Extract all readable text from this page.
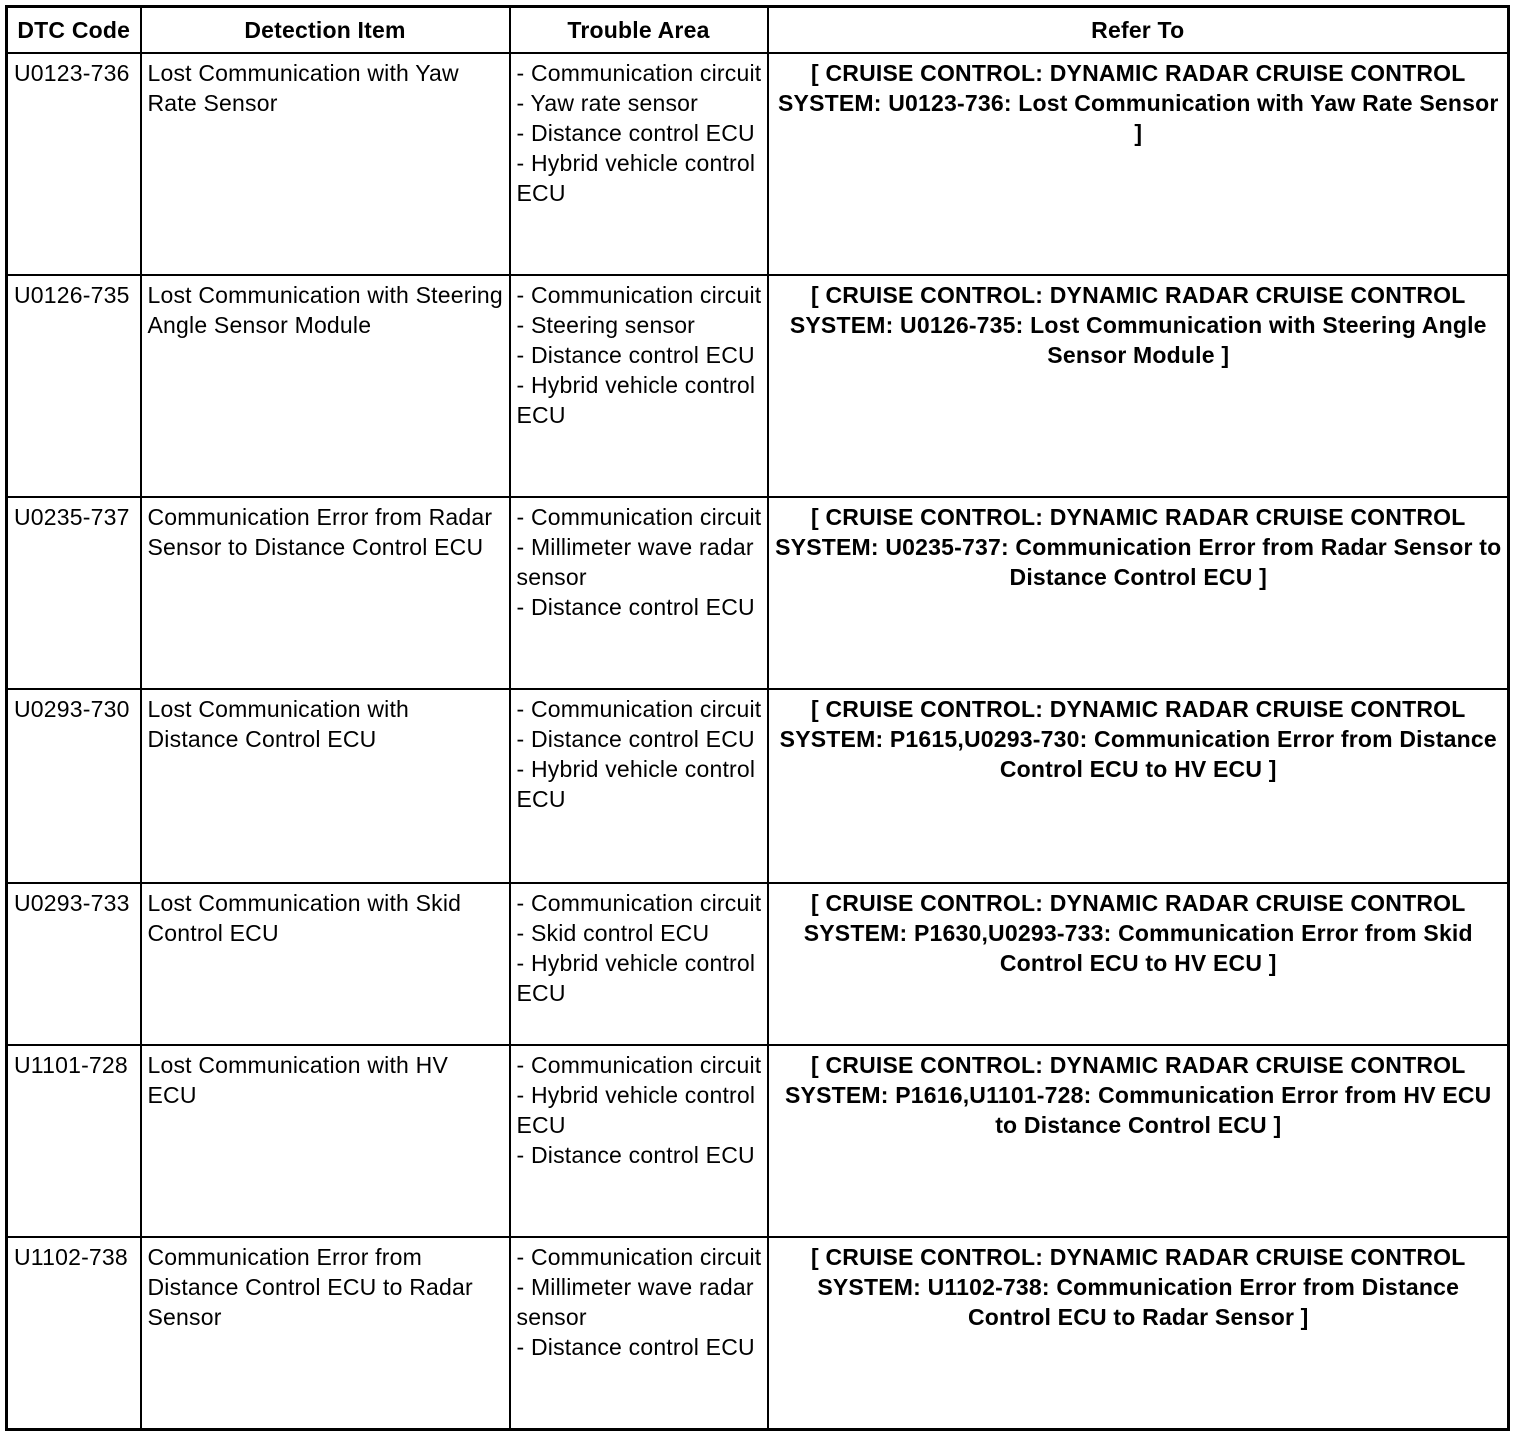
DTC Code	Detection Item	Trouble Area	Refer To
U0123-736	Lost Communication with Yaw Rate Sensor	- Communication circuit
- Yaw rate sensor
- Distance control ECU
- Hybrid vehicle control ECU	[ CRUISE CONTROL: DYNAMIC RADAR CRUISE CONTROL SYSTEM: U0123-736: Lost Communication with Yaw Rate Sensor ]
U0126-735	Lost Communication with Steering Angle Sensor Module	- Communication circuit
- Steering sensor
- Distance control ECU
- Hybrid vehicle control ECU	[ CRUISE CONTROL: DYNAMIC RADAR CRUISE CONTROL SYSTEM: U0126-735: Lost Communication with Steering Angle Sensor Module ]
U0235-737	Communication Error from Radar Sensor to Distance Control ECU	- Communication circuit
- Millimeter wave radar sensor
- Distance control ECU	[ CRUISE CONTROL: DYNAMIC RADAR CRUISE CONTROL SYSTEM: U0235-737: Communication Error from Radar Sensor to Distance Control ECU ]
U0293-730	Lost Communication with Distance Control ECU	- Communication circuit
- Distance control ECU
- Hybrid vehicle control ECU	[ CRUISE CONTROL: DYNAMIC RADAR CRUISE CONTROL SYSTEM: P1615,U0293-730: Communication Error from Distance Control ECU to HV ECU ]
U0293-733	Lost Communication with Skid Control ECU	- Communication circuit
- Skid control ECU
- Hybrid vehicle control ECU	[ CRUISE CONTROL: DYNAMIC RADAR CRUISE CONTROL SYSTEM: P1630,U0293-733: Communication Error from Skid Control ECU to HV ECU ]
U1101-728	Lost Communication with HV ECU	- Communication circuit
- Hybrid vehicle control ECU
- Distance control ECU	[ CRUISE CONTROL: DYNAMIC RADAR CRUISE CONTROL SYSTEM: P1616,U1101-728: Communication Error from HV ECU to Distance Control ECU ]
U1102-738	Communication Error from Distance Control ECU to Radar Sensor	- Communication circuit
- Millimeter wave radar sensor
- Distance control ECU	[ CRUISE CONTROL: DYNAMIC RADAR CRUISE CONTROL SYSTEM: U1102-738: Communication Error from Distance Control ECU to Radar Sensor ]
